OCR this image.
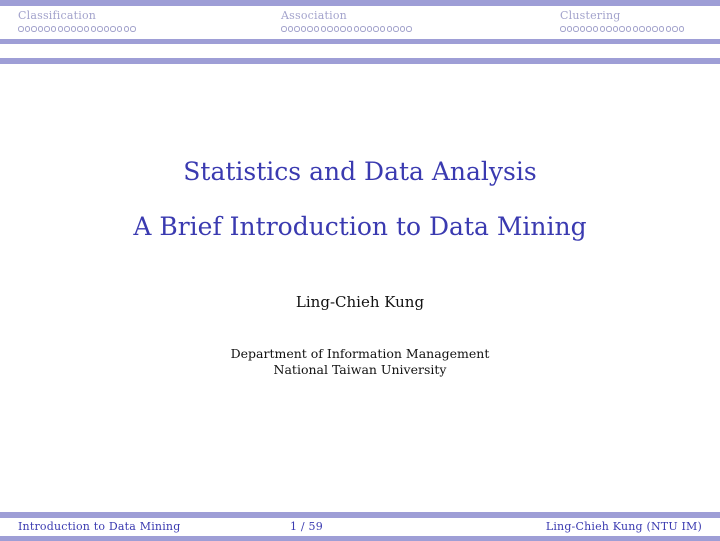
Classification	Association	Clustering
Statistics and Data Analysis
A Brief Introduction to Data Mining
Ling-Chieh Kung
Department of Information Management
National Taiwan University
Introduction to Data Mining	1 / 59	Ling-Chieh Kung (NTU IM)
